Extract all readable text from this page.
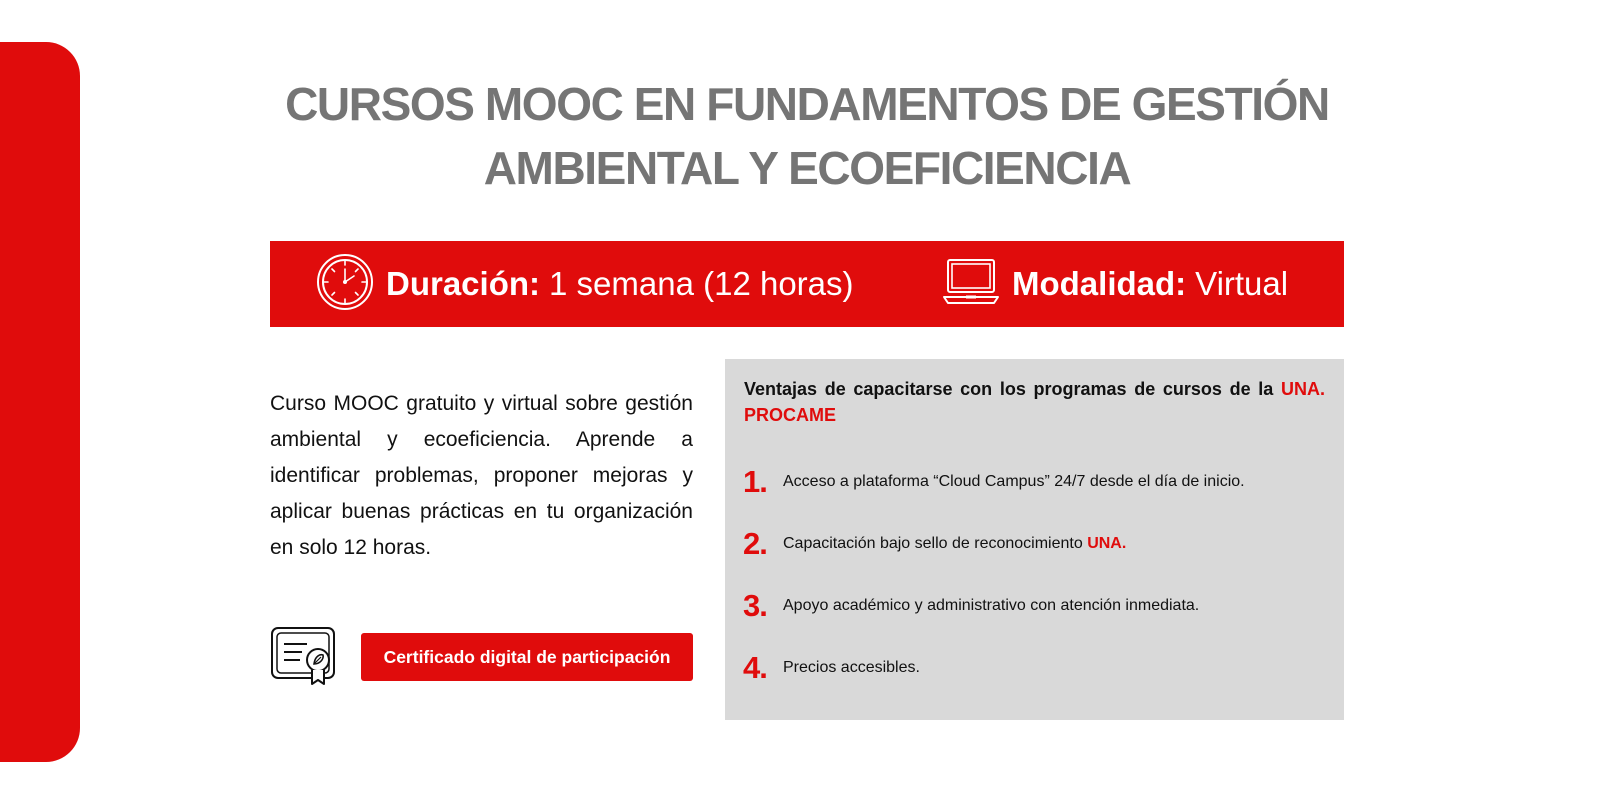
CURSOS MOOC EN FUNDAMENTOS DE GESTIÓN
AMBIENTAL Y ECOEFICIENCIA
Duración: 1 semana (12 horas)	Modalidad: Virtual

Curso MOOC gratuito y virtual sobre gestión ambiental y ecoeficiencia. Aprende a identificar problemas, proponer mejoras y aplicar buenas prácticas en tu organización en solo 12 horas.

Certificado digital de participación

Ventajas de capacitarse con los programas de cursos de la UNA. PROCAME

1.	Acceso a plataforma “Cloud Campus” 24/7 desde el día de inicio.
2.	Capacitación bajo sello de reconocimiento UNA.
3.	Apoyo académico y administrativo con atención inmediata.
4.	Precios accesibles.
